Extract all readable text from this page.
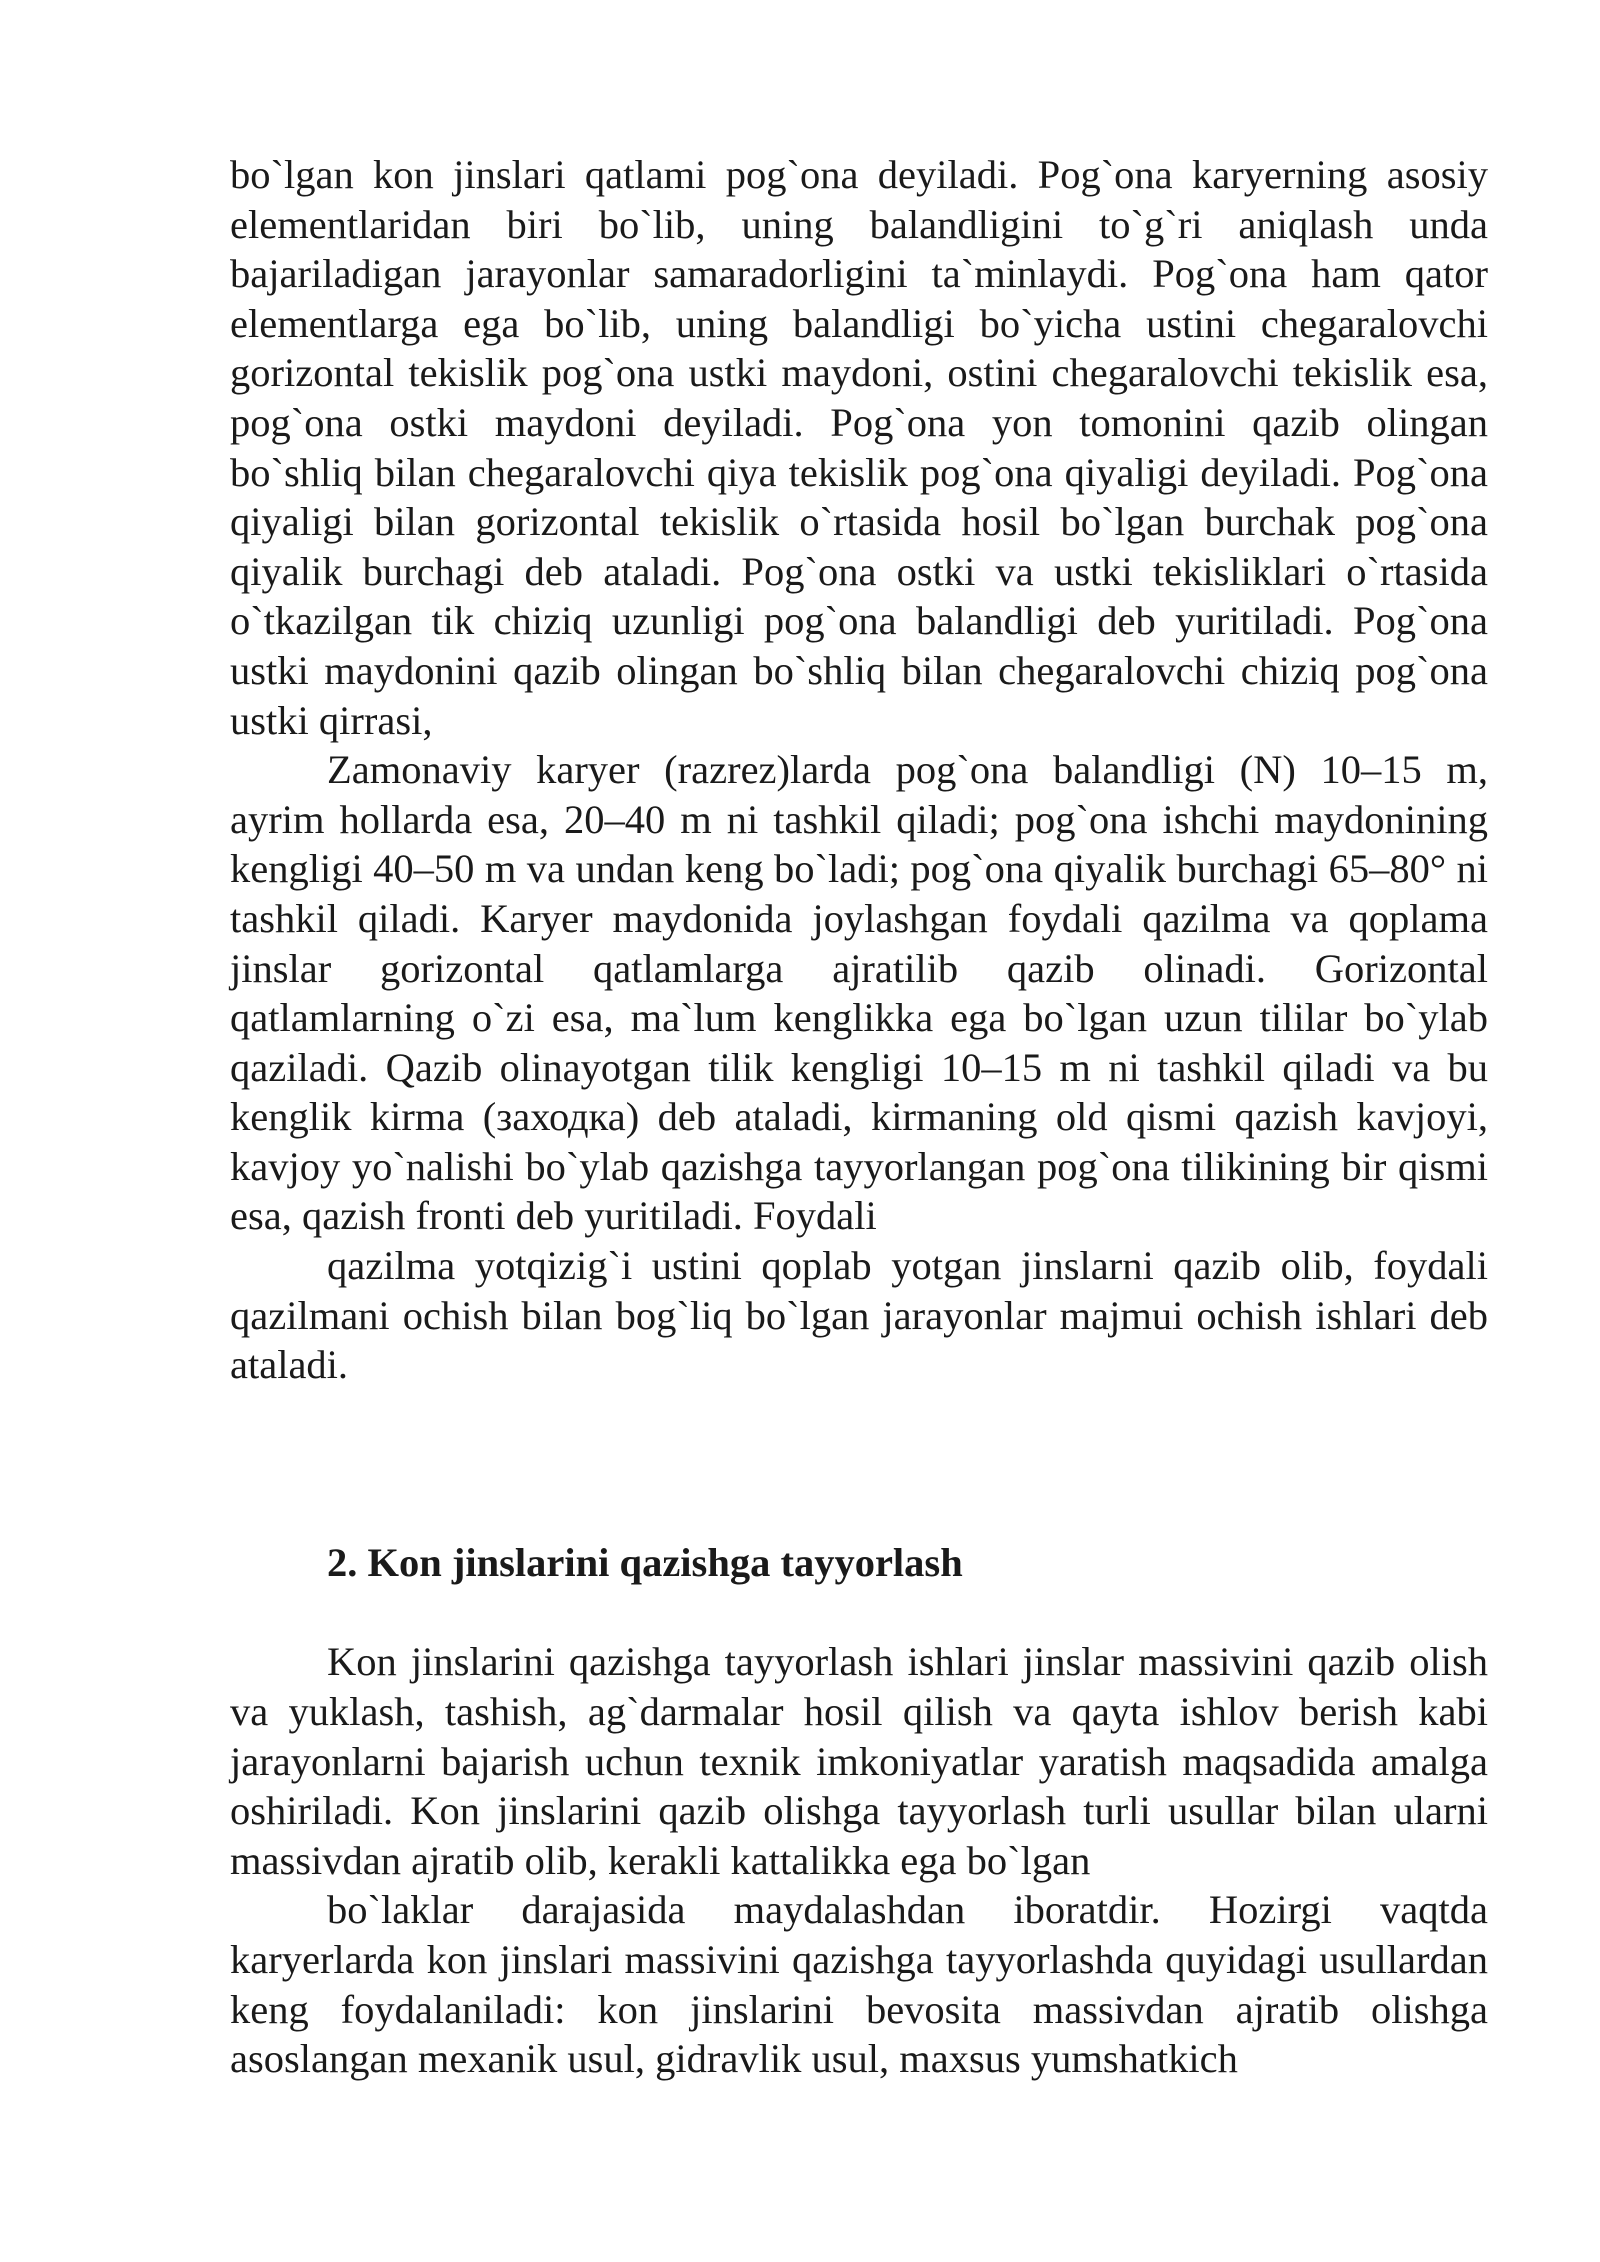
bo`lgan kon jinslari qatlami pog`ona deyiladi. Pog`ona karyerning asosiy elementlaridan biri bo`lib, uning balandligini to`g`ri aniqlash unda bajariladigan jarayonlar samaradorligini ta`minlaydi. Pog`ona ham qator elementlarga ega bo`lib, uning balandligi bo`yicha ustini chegaralovchi gorizontal tekislik pog`ona ustki maydoni, ostini chegaralovchi tekislik esa, pog`ona ostki maydoni deyiladi. Pog`ona yon tomonini qazib olingan bo`shliq bilan chegaralovchi qiya tekislik pog`ona qiyaligi deyiladi. Pog`ona qiyaligi bilan gorizontal tekislik o`rtasida hosil bo`lgan burchak pog`ona qiyalik burchagi deb ataladi. Pog`ona ostki va ustki tekisliklari o`rtasida o`tkazilgan tik chiziq uzunligi pog`ona balandligi deb yuritiladi. Pog`ona ustki maydonini qazib olingan bo`shliq bilan chegaralovchi chiziq pog`ona ustki qirrasi,

Zamonaviy karyer (razrez)larda pog`ona balandligi (N) 10–15 m, ayrim hollarda esa, 20–40 m ni tashkil qiladi; pog`ona ishchi maydonining kengligi 40–50 m va undan keng bo`ladi; pog`ona qiyalik burchagi 65–80° ni tashkil qiladi. Karyer maydonida joylashgan foydali qazilma va qoplama jinslar gorizontal qatlamlarga ajratilib qazib olinadi. Gorizontal qatlamlarning o`zi esa, ma`lum kenglikka ega bo`lgan uzun tililar bo`ylab qaziladi. Qazib olinayotgan tilik kengligi 10–15 m ni tashkil qiladi va bu kenglik kirma (заходка) deb ataladi, kirmaning old qismi qazish kavjoyi, kavjoy yo`nalishi bo`ylab qazishga tayyorlangan pog`ona tilikining bir qismi esa, qazish fronti deb yuritiladi. Foydali

qazilma yotqizig`i ustini qoplab yotgan jinslarni qazib olib, foydali qazilmani ochish bilan bog`liq bo`lgan jarayonlar majmui ochish ishlari deb ataladi.

2. Kon jinslarini qazishga tayyorlash

Kon jinslarini qazishga tayyorlash ishlari jinslar massivini qazib olish va yuklash, tashish, ag`darmalar hosil qilish va qayta ishlov berish kabi jarayonlarni bajarish uchun texnik imkoniyatlar yaratish maqsadida amalga oshiriladi. Kon jinslarini qazib olishga tayyorlash turli usullar bilan ularni massivdan ajratib olib, kerakli kattalikka ega bo`lgan

bo`laklar darajasida maydalashdan iboratdir. Hozirgi vaqtda karyerlarda kon jinslari massivini qazishga tayyorlashda quyidagi usullardan keng foydalaniladi: kon jinslarini bevosita massivdan ajratib olishga asoslangan mexanik usul, gidravlik usul, maxsus yumshatkich
